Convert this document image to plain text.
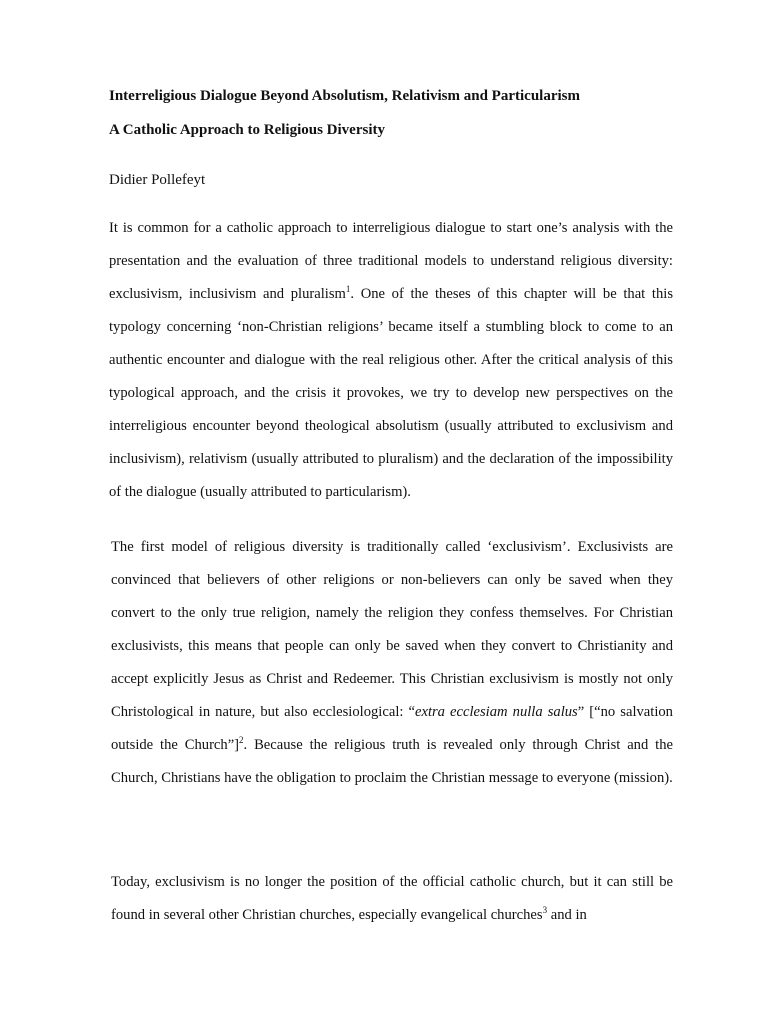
Interreligious Dialogue Beyond Absolutism, Relativism and Particularism
A Catholic Approach to Religious Diversity
Didier Pollefeyt

It is common for a catholic approach to interreligious dialogue to start one’s analysis with the presentation and the evaluation of three traditional models to understand religious diversity: exclusivism, inclusivism and pluralism$^1$. One of the theses of this chapter will be that this typology concerning ‘non-Christian religions’ became itself a stumbling block to come to an authentic encounter and dialogue with the real religious other. After the critical analysis of this typological approach, and the crisis it provokes, we try to develop new perspectives on the interreligious encounter beyond theological absolutism (usually attributed to exclusivism and inclusivism), relativism (usually attributed to pluralism) and the declaration of the impossibility of the dialogue (usually attributed to particularism).

The first model of religious diversity is traditionally called ‘exclusivism’. Exclusivists are convinced that believers of other religions or non-believers can only be saved when they convert to the only true religion, namely the religion they confess themselves. For Christian exclusivists, this means that people can only be saved when they convert to Christianity and accept explicitly Jesus as Christ and Redeemer. This Christian exclusivism is mostly not only Christological in nature, but also ecclesiological: “extra ecclesiam nulla salus” [“no salvation outside the Church”]$^2$. Because the religious truth is revealed only through Christ and the Church, Christians have the obligation to proclaim the Christian message to everyone (mission).

Today, exclusivism is no longer the position of the official catholic church, but it can still be found in several other Christian churches, especially evangelical churches$^3$ and in
